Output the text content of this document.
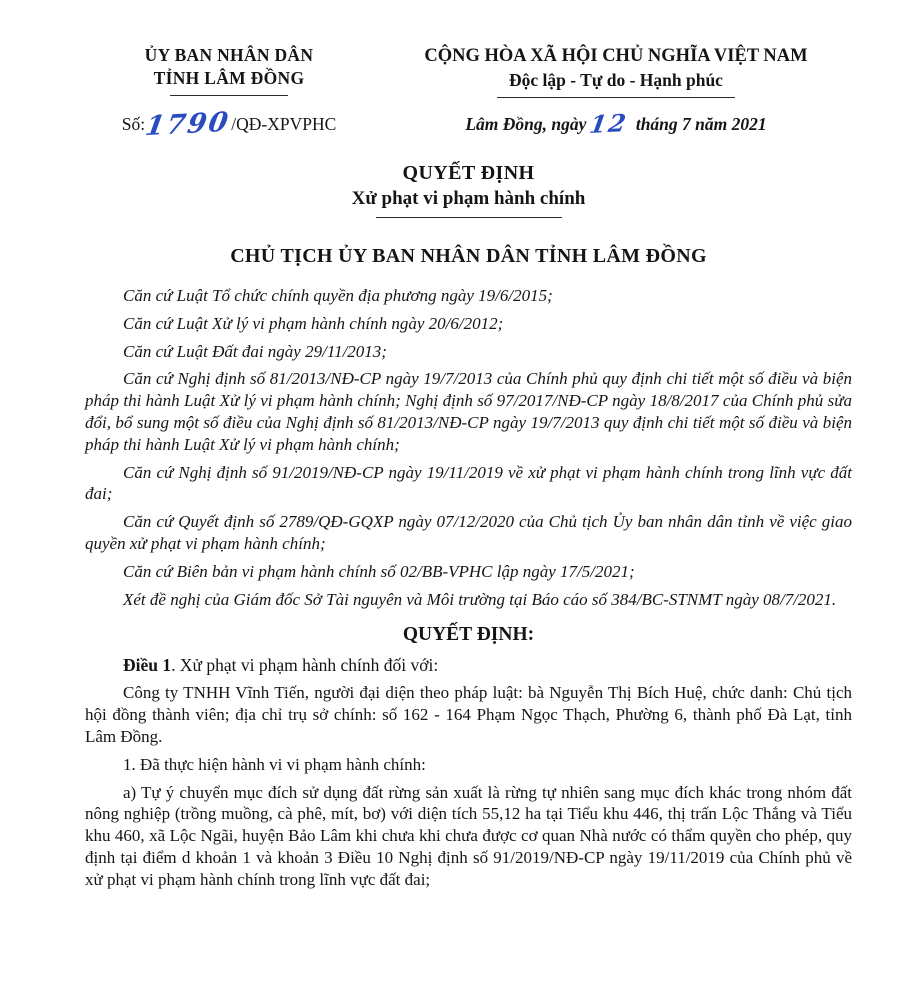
ỦY BAN NHÂN DÂN
TỈNH LÂM ĐỒNG
CỘNG HÒA XÃ HỘI CHỦ NGHĨA VIỆT NAM
Độc lập - Tự do - Hạnh phúc
Số:1790/QĐ-XPVPHC	Lâm Đồng, ngày12 tháng 7 năm 2021
QUYẾT ĐỊNH
Xử phạt vi phạm hành chính
CHỦ TỊCH ỦY BAN NHÂN DÂN TỈNH LÂM ĐỒNG

Căn cứ Luật Tổ chức chính quyền địa phương ngày 19/6/2015;

Căn cứ Luật Xử lý vi phạm hành chính ngày 20/6/2012;

Căn cứ Luật Đất đai ngày 29/11/2013;

Căn cứ Nghị định số 81/2013/NĐ-CP ngày 19/7/2013 của Chính phủ quy định chi tiết một số điều và biện pháp thi hành Luật Xử lý vi phạm hành chính; Nghị định số 97/2017/NĐ-CP ngày 18/8/2017 của Chính phủ sửa đổi, bổ sung một số điều của Nghị định số 81/2013/NĐ-CP ngày 19/7/2013 quy định chi tiết một số điều và biện pháp thi hành Luật Xử lý vi phạm hành chính;

Căn cứ Nghị định số 91/2019/NĐ-CP ngày 19/11/2019 về xử phạt vi phạm hành chính trong lĩnh vực đất đai;

Căn cứ Quyết định số 2789/QĐ-GQXP ngày 07/12/2020 của Chủ tịch Ủy ban nhân dân tỉnh về việc giao quyền xử phạt vi phạm hành chính;

Căn cứ Biên bản vi phạm hành chính số 02/BB-VPHC lập ngày 17/5/2021;

Xét đề nghị của Giám đốc Sở Tài nguyên và Môi trường tại Báo cáo số 384/BC-STNMT ngày 08/7/2021.

QUYẾT ĐỊNH:
Điều 1. Xử phạt vi phạm hành chính đối với:

Công ty TNHH Vĩnh Tiến, người đại diện theo pháp luật: bà Nguyễn Thị Bích Huệ, chức danh: Chủ tịch hội đồng thành viên; địa chỉ trụ sở chính: số 162 - 164 Phạm Ngọc Thạch, Phường 6, thành phố Đà Lạt, tỉnh Lâm Đồng.

1. Đã thực hiện hành vi vi phạm hành chính:

a) Tự ý chuyển mục đích sử dụng đất rừng sản xuất là rừng tự nhiên sang mục đích khác trong nhóm đất nông nghiệp (trồng muồng, cà phê, mít, bơ) với diện tích 55,12 ha tại Tiểu khu 446, thị trấn Lộc Thắng và Tiểu khu 460, xã Lộc Ngãi, huyện Bảo Lâm khi chưa khi chưa được cơ quan Nhà nước có thẩm quyền cho phép, quy định tại điểm d khoản 1 và khoản 3 Điều 10 Nghị định số 91/2019/NĐ-CP ngày 19/11/2019 của Chính phủ về xử phạt vi phạm hành chính trong lĩnh vực đất đai;
